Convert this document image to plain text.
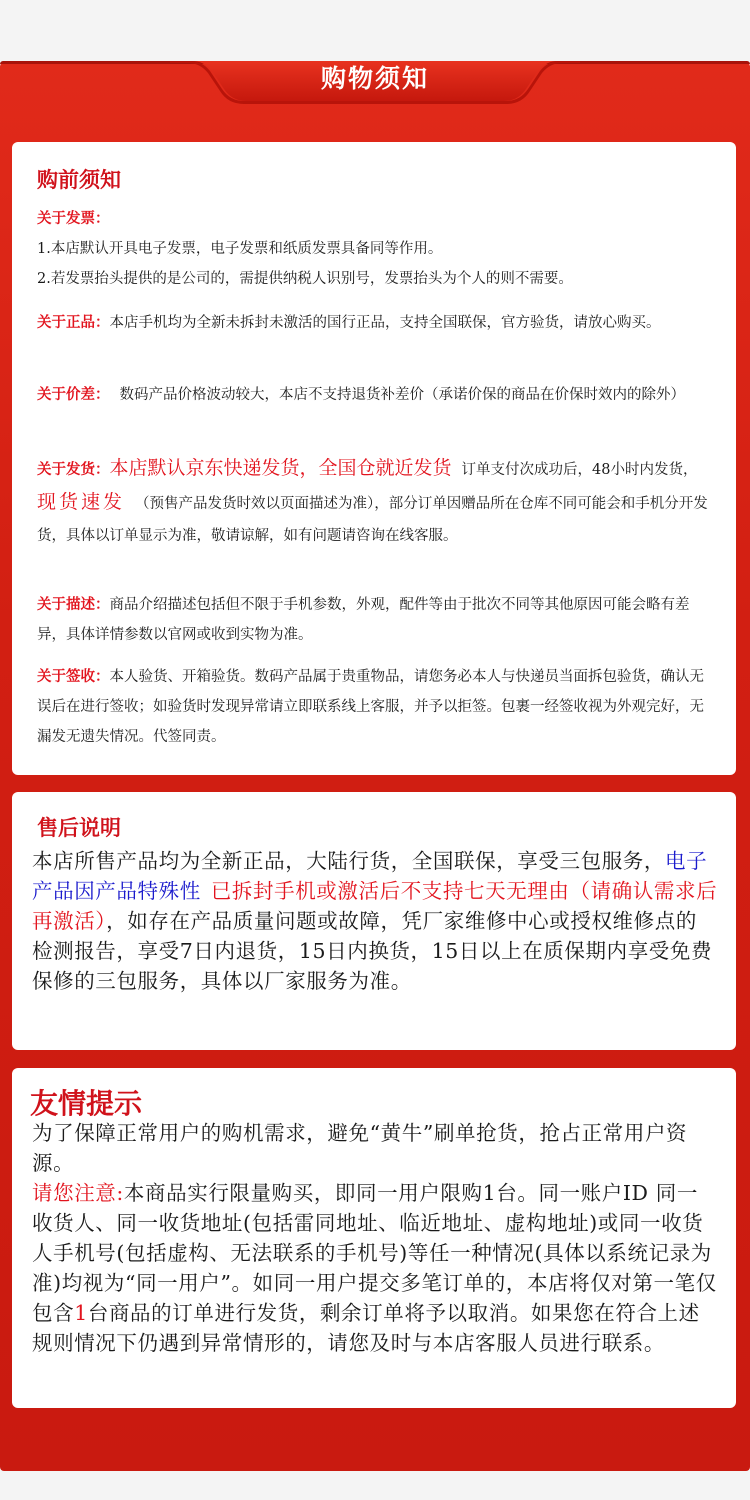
购物须知
购前须知

关于发票：

1.本店默认开具电子发票，电子发票和纸质发票具备同等作用。

2.若发票抬头提供的是公司的，需提供纳税人识别号，发票抬头为个人的则不需要。

关于正品：本店手机均为全新未拆封未激活的国行正品，支持全国联保，官方验货，请放心购买。

关于价差： 数码产品价格波动较大，本店不支持退货补差价（承诺价保的商品在价保时效内的除外）

关于发货：本店默认京东快递发货，全国仓就近发货 订单支付次成功后，48小时内发货，现货速发 （预售产品发货时效以页面描述为准），部分订单因赠品所在仓库不同可能会和手机分开发货，具体以订单显示为准，敬请谅解，如有问题请咨询在线客服。

关于描述：商品介绍描述包括但不限于手机参数，外观，配件等由于批次不同等其他原因可能会略有差异，具体详情参数以官网或收到实物为准。

关于签收：本人验货、开箱验货。数码产品属于贵重物品，请您务必本人与快递员当面拆包验货，确认无误后在进行签收；如验货时发现异常请立即联系线上客服，并予以拒签。包裹一经签收视为外观完好，无漏发无遗失情况。代签同责。

售后说明

本店所售产品均为全新正品，大陆行货，全国联保，享受三包服务，电子产品因产品特殊性 已拆封手机或激活后不支持七天无理由（请确认需求后再激活），如存在产品质量问题或故障，凭厂家维修中心或授权维修点的检测报告，享受7日内退货，15日内换货，15日以上在质保期内享受免费保修的三包服务，具体以厂家服务为准。

友情提示

为了保障正常用户的购机需求，避免“黄牛”刷单抢货，抢占正常用户资源。

请您注意:本商品实行限量购买，即同一用户限购1台。同一账户ID 同一收货人、同一收货地址(包括雷同地址、临近地址、虚构地址)或同一收货人手机号(包括虚构、无法联系的手机号)等任一种情况(具体以系统记录为准)均视为“同一用户”。如同一用户提交多笔订单的，本店将仅对第一笔仅包含1台商品的订单进行发货，剩余订单将予以取消。如果您在符合上述规则情况下仍遇到异常情形的，请您及时与本店客服人员进行联系。
